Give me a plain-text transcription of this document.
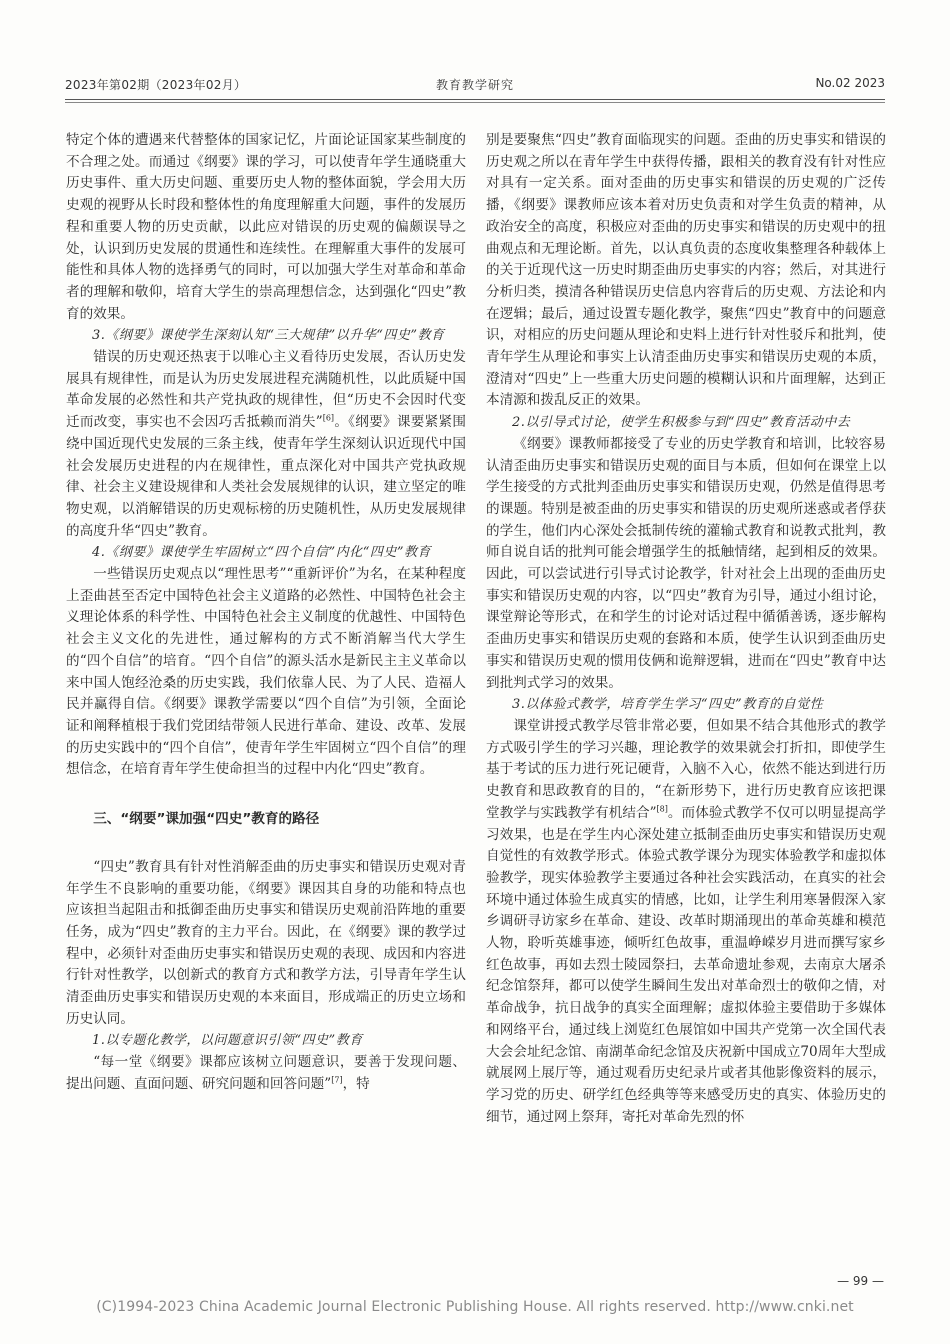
2023年第02期（2023年02月）	教育教学研究	No.02 2023

特定个体的遭遇来代替整体的国家记忆，片面论证国家某些制度的不合理之处。而通过《纲要》课的学习，可以使青年学生通晓重大历史事件、重大历史问题、重要历史人物的整体面貌，学会用大历史观的视野从长时段和整体性的角度理解重大问题，事件的发展历程和重要人物的历史贡献，以此应对错误的历史观的偏颇误导之处，认识到历史发展的贯通性和连续性。在理解重大事件的发展可能性和具体人物的选择勇气的同时，可以加强大学生对革命和革命者的理解和敬仰，培育大学生的崇高理想信念，达到强化“四史”教育的效果。

3.《纲要》课使学生深刻认知“三大规律”以升华“四史”教育

错误的历史观还热衷于以唯心主义看待历史发展，否认历史发展具有规律性，而是认为历史发展进程充满随机性，以此质疑中国革命发展的必然性和共产党执政的规律性，但“历史不会因时代变迁而改变，事实也不会因巧舌抵赖而消失”[6]。《纲要》课要紧紧围绕中国近现代史发展的三条主线，使青年学生深刻认识近现代中国社会发展历史进程的内在规律性，重点深化对中国共产党执政规律、社会主义建设规律和人类社会发展规律的认识，建立坚定的唯物史观，以消解错误的历史观标榜的历史随机性，从历史发展规律的高度升华“四史”教育。

4.《纲要》课使学生牢固树立“四个自信”内化“四史”教育

一些错误历史观点以“理性思考”“重新评价”为名，在某种程度上歪曲甚至否定中国特色社会主义道路的必然性、中国特色社会主义理论体系的科学性、中国特色社会主义制度的优越性、中国特色社会主义文化的先进性，通过解构的方式不断消解当代大学生的“四个自信”的培育。“四个自信”的源头活水是新民主主义革命以来中国人饱经沧桑的历史实践，我们依靠人民、为了人民、造福人民并赢得自信。《纲要》课教学需要以“四个自信”为引领，全面论证和阐释植根于我们党团结带领人民进行革命、建设、改革、发展的历史实践中的“四个自信”，使青年学生牢固树立“四个自信”的理想信念，在培育青年学生使命担当的过程中内化“四史”教育。

三、“纲要”课加强“四史”教育的路径

“四史”教育具有针对性消解歪曲的历史事实和错误历史观对青年学生不良影响的重要功能，《纲要》课因其自身的功能和特点也应该担当起阻击和抵御歪曲历史事实和错误历史观前沿阵地的重要任务，成为“四史”教育的主力平台。因此，在《纲要》课的教学过程中，必须针对歪曲历史事实和错误历史观的表现、成因和内容进行针对性教学，以创新式的教育方式和教学方法，引导青年学生认清歪曲历史事实和错误历史观的本来面目，形成端正的历史立场和历史认同。

1.以专题化教学，以问题意识引领“四史”教育

“每一堂《纲要》课都应该树立问题意识，要善于发现问题、提出问题、直面问题、研究问题和回答问题”[7]，特

别是要聚焦“四史”教育面临现实的问题。歪曲的历史事实和错误的历史观之所以在青年学生中获得传播，跟相关的教育没有针对性应对具有一定关系。面对歪曲的历史事实和错误的历史观的广泛传播，《纲要》课教师应该本着对历史负责和对学生负责的精神，从政治安全的高度，积极应对歪曲的历史事实和错误的历史观中的扭曲观点和无理论断。首先，以认真负责的态度收集整理各种载体上的关于近现代这一历史时期歪曲历史事实的内容；然后，对其进行分析归类，摸清各种错误历史信息内容背后的历史观、方法论和内在逻辑；最后，通过设置专题化教学，聚焦“四史”教育中的问题意识，对相应的历史问题从理论和史料上进行针对性驳斥和批判，使青年学生从理论和事实上认清歪曲历史事实和错误历史观的本质，澄清对“四史”上一些重大历史问题的模糊认识和片面理解，达到正本清源和拨乱反正的效果。

2.以引导式讨论，使学生积极参与到“四史”教育活动中去

《纲要》课教师都接受了专业的历史学教育和培训，比较容易认清歪曲历史事实和错误历史观的面目与本质，但如何在课堂上以学生接受的方式批判歪曲历史事实和错误历史观，仍然是值得思考的课题。特别是被歪曲的历史事实和错误的历史观所迷惑或者俘获的学生，他们内心深处会抵制传统的灌输式教育和说教式批判，教师自说自话的批判可能会增强学生的抵触情绪，起到相反的效果。因此，可以尝试进行引导式讨论教学，针对社会上出现的歪曲历史事实和错误历史观的内容，以“四史”教育为引导，通过小组讨论，课堂辩论等形式，在和学生的讨论对话过程中循循善诱，逐步解构歪曲历史事实和错误历史观的套路和本质，使学生认识到歪曲历史事实和错误历史观的惯用伎俩和诡辩逻辑，进而在“四史”教育中达到批判式学习的效果。

3.以体验式教学，培育学生学习“四史”教育的自觉性

课堂讲授式教学尽管非常必要，但如果不结合其他形式的教学方式吸引学生的学习兴趣，理论教学的效果就会打折扣，即使学生基于考试的压力进行死记硬背，入脑不入心，依然不能达到进行历史教育和思政教育的目的，“在新形势下，进行历史教育应该把课堂教学与实践教学有机结合”[8]。而体验式教学不仅可以明显提高学习效果，也是在学生内心深处建立抵制歪曲历史事实和错误历史观自觉性的有效教学形式。体验式教学课分为现实体验教学和虚拟体验教学，现实体验教学主要通过各种社会实践活动，在真实的社会环境中通过体验生成真实的情感，比如，让学生利用寒暑假深入家乡调研寻访家乡在革命、建设、改革时期涌现出的革命英雄和模范人物，聆听英雄事迹，倾听红色故事，重温峥嵘岁月进而撰写家乡红色故事，再如去烈士陵园祭扫，去革命遗址参观，去南京大屠杀纪念馆祭拜，都可以使学生瞬间生发出对革命烈士的敬仰之情，对革命战争，抗日战争的真实全面理解；虚拟体验主要借助于多媒体和网络平台，通过线上浏览红色展馆如中国共产党第一次全国代表大会会址纪念馆、南湖革命纪念馆及庆祝新中国成立70周年大型成就展网上展厅等，通过观看历史纪录片或者其他影像资料的展示，学习党的历史、研学红色经典等等来感受历史的真实、体验历史的细节，通过网上祭拜，寄托对革命先烈的怀

— 99 —
(C)1994-2023 China Academic Journal Electronic Publishing House. All rights reserved. http://www.cnki.net
